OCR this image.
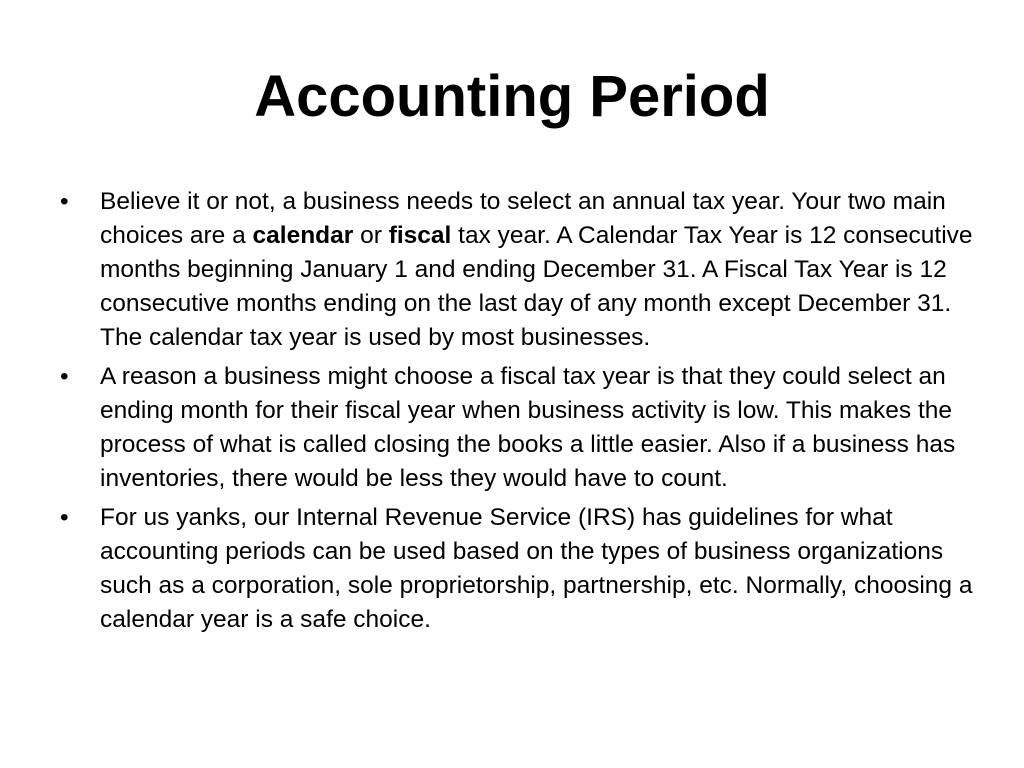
Accounting Period
•	Believe it or not, a business needs to select an annual tax year. Your two main choices are a calendar or fiscal tax year. A Calendar Tax Year is 12 consecutive months beginning January 1 and ending December 31. A Fiscal Tax Year is 12 consecutive months ending on the last day of any month except December 31. The calendar tax year is used by most businesses.
•	A reason a business might choose a fiscal tax year is that they could select an ending month for their fiscal year when business activity is low. This makes the process of what is called closing the books a little easier. Also if a business has inventories, there would be less they would have to count.
•	For us yanks, our Internal Revenue Service (IRS) has guidelines for what accounting periods can be used based on the types of business organizations such as a corporation, sole proprietorship, partnership, etc. Normally, choosing a calendar year is a safe choice.
